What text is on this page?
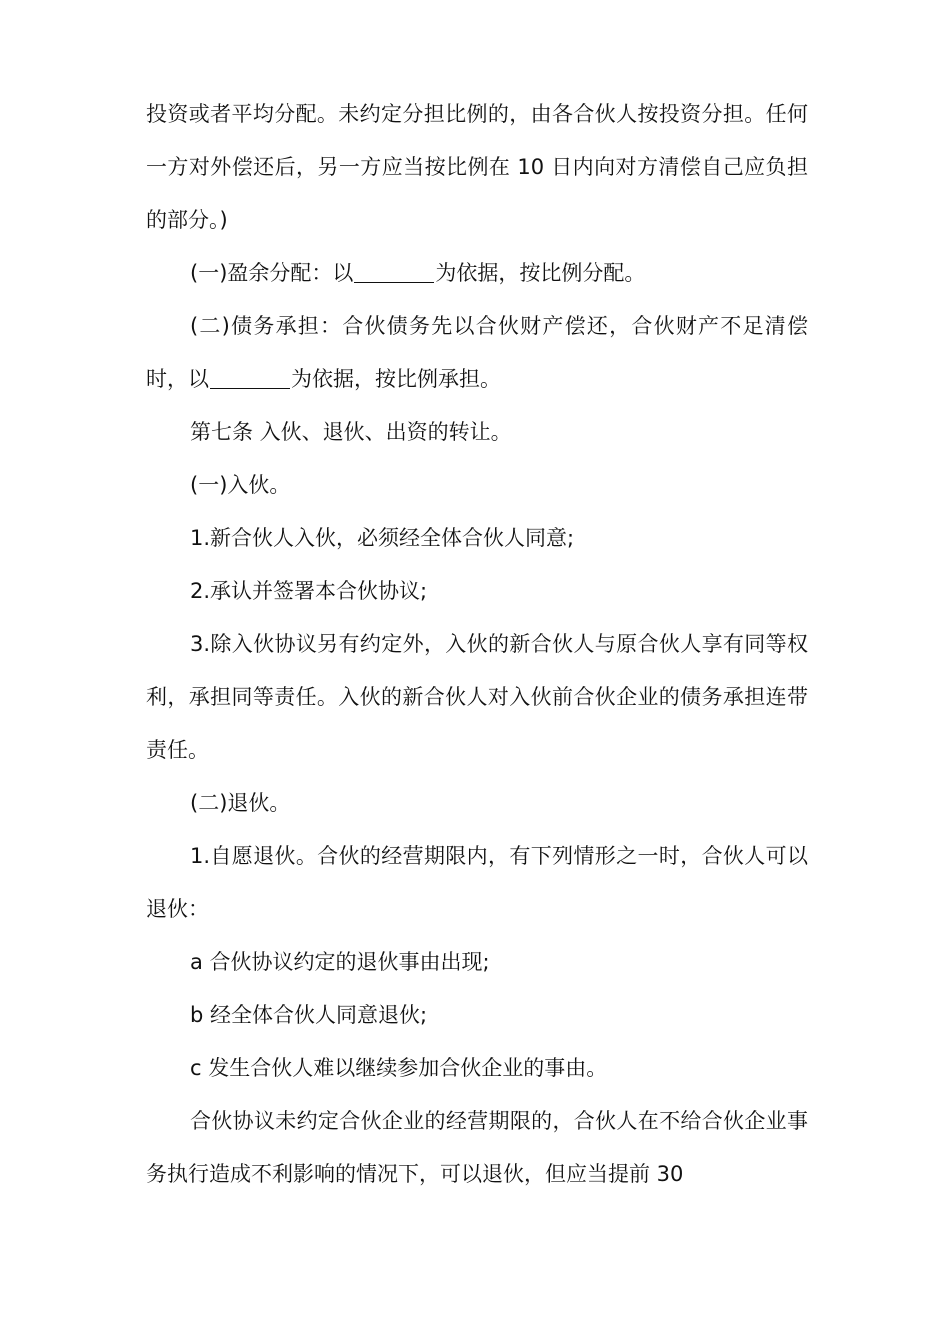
投资或者平均分配。未约定分担比例的，由各合伙人按投资分担。任何一方对外偿还后，另一方应当按比例在 10 日内向对方清偿自己应负担的部分。)

(一)盈余分配：以	为依据，按比例分配。

(二)债务承担：合伙债务先以合伙财产偿还，合伙财产不足清偿时，以	为依据，按比例承担。

第七条 入伙、退伙、出资的转让。

(一)入伙。

1.新合伙人入伙，必须经全体合伙人同意;

2.承认并签署本合伙协议;

3.除入伙协议另有约定外，入伙的新合伙人与原合伙人享有同等权利，承担同等责任。入伙的新合伙人对入伙前合伙企业的债务承担连带责任。

(二)退伙。

1.自愿退伙。合伙的经营期限内，有下列情形之一时，合伙人可以退伙：

a 合伙协议约定的退伙事由出现;

b 经全体合伙人同意退伙;

c 发生合伙人难以继续参加合伙企业的事由。

合伙协议未约定合伙企业的经营期限的，合伙人在不给合伙企业事务执行造成不利影响的情况下，可以退伙，但应当提前 30
